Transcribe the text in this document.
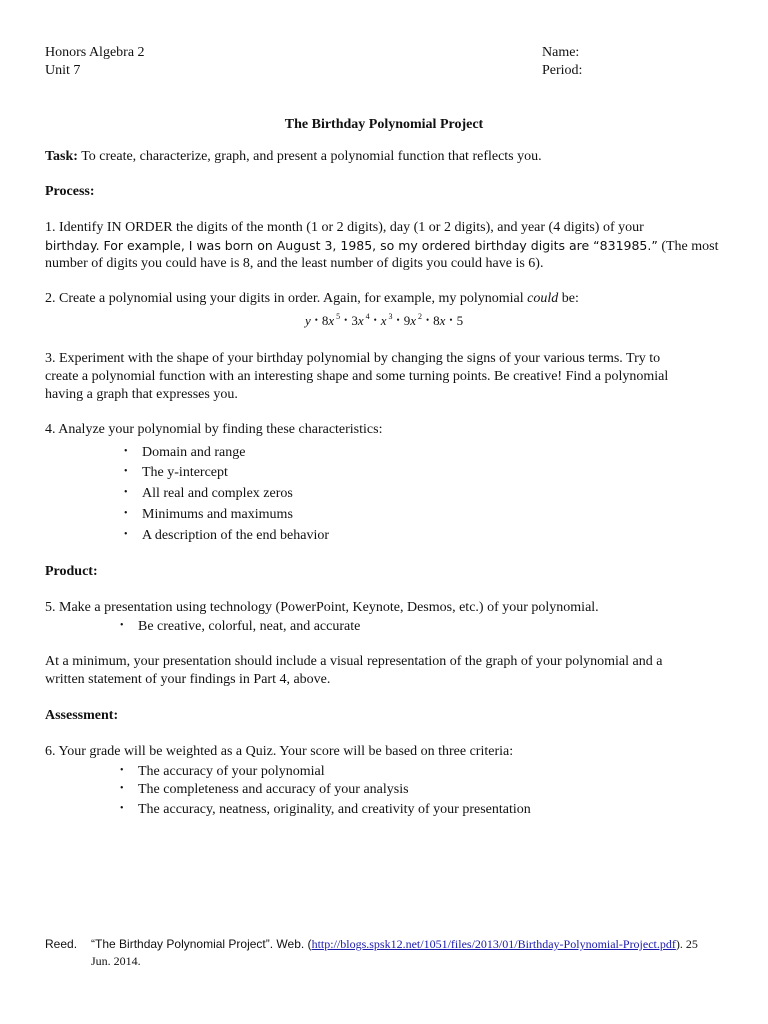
Honors Algebra 2
Unit 7
Name:
Period:
The Birthday Polynomial Project
Task: To create, characterize, graph, and present a polynomial function that reflects you.
Process:
1. Identify IN ORDER the digits of the month (1 or 2 digits), day (1 or 2 digits), and year (4 digits) of your
birthday. For example, I was born on August 3, 1985, so my ordered birthday digits are “831985.” (The most
number of digits you could have is 8, and the least number of digits you could have is 6).
2. Create a polynomial using your digits in order. Again, for example, my polynomial could be:
y • 8x $^5$ • 3x $^4$ • x $^3$ • 9x $^2$ • 8x • 5
3. Experiment with the shape of your birthday polynomial by changing the signs of your various terms. Try to
create a polynomial function with an interesting shape and some turning points. Be creative! Find a polynomial
having a graph that expresses you.
4. Analyze your polynomial by finding these characteristics:
• Domain and range
• The y-intercept
• All real and complex zeros
• Minimums and maximums
• A description of the end behavior
Product:
5. Make a presentation using technology (PowerPoint, Keynote, Desmos, etc.) of your polynomial.
• Be creative, colorful, neat, and accurate
At a minimum, your presentation should include a visual representation of the graph of your polynomial and a
written statement of your findings in Part 4, above.
Assessment:
6. Your grade will be weighted as a Quiz. Your score will be based on three criteria:
• The accuracy of your polynomial
• The completeness and accuracy of your analysis
• The accuracy, neatness, originality, and creativity of your presentation
Reed. “The Birthday Polynomial Project”. Web. (http://blogs.spsk12.net/1051/files/2013/01/Birthday-Polynomial-Project.pdf). 25
Jun. 2014.
